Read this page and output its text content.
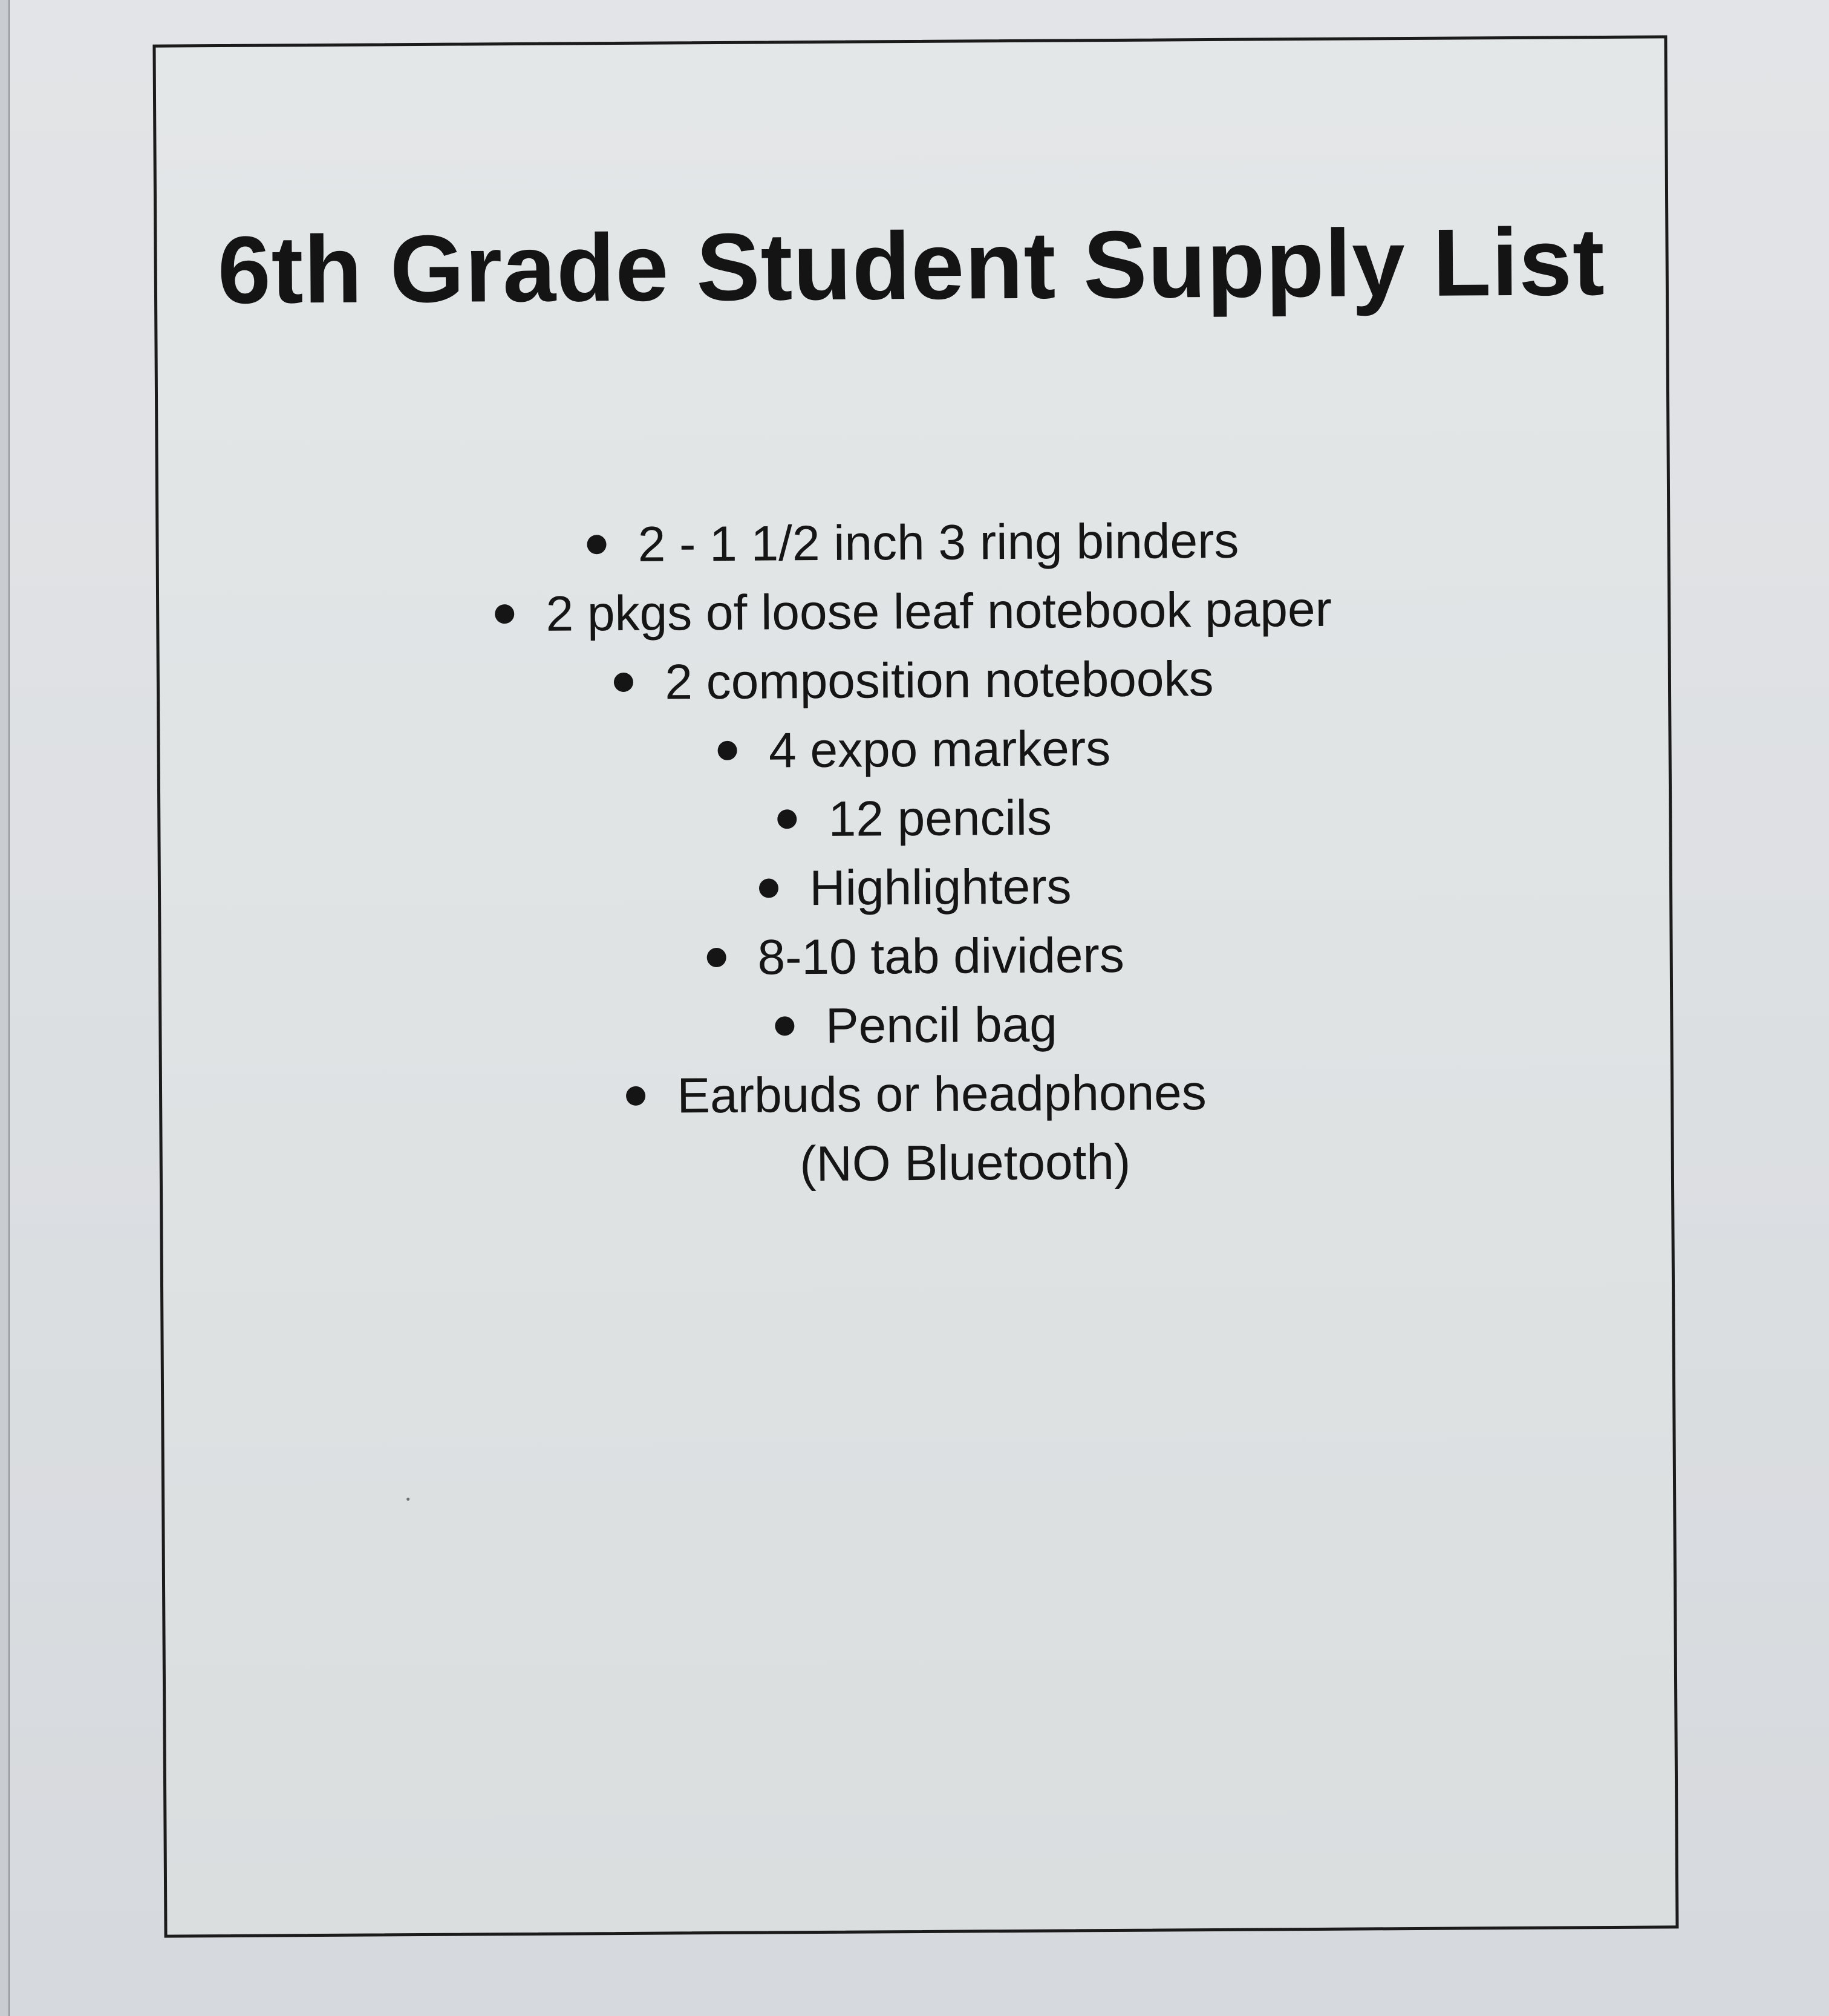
6th Grade Student Supply List
2 - 1 1/2 inch 3 ring binders
2 pkgs of loose leaf notebook paper
2 composition notebooks
4 expo markers
12 pencils
Highlighters
8-10 tab dividers
Pencil bag
Earbuds or headphones
(NO Bluetooth)
